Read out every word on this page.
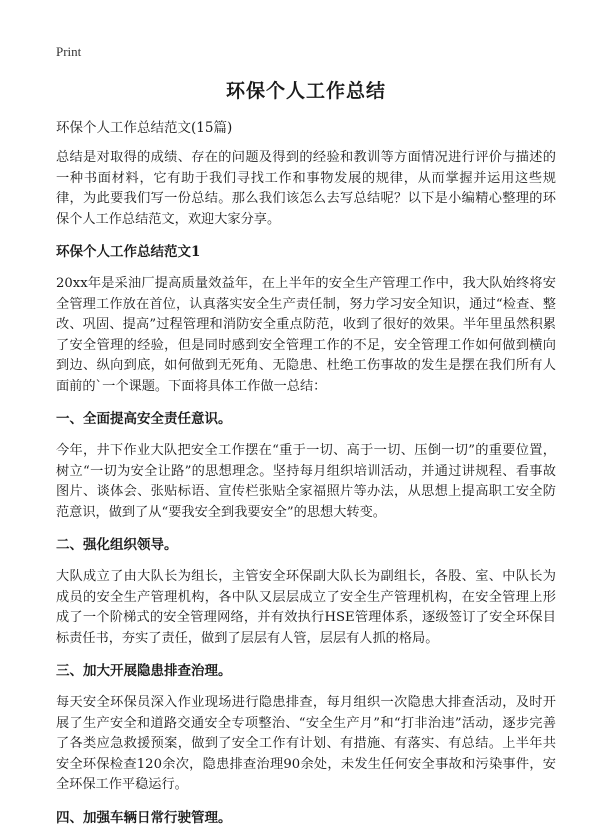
Print
环保个人工作总结
环保个人工作总结范文(15篇)

总结是对取得的成绩、存在的问题及得到的经验和教训等方面情况进行评价与描述的一种书面材料，它有助于我们寻找工作和事物发展的规律，从而掌握并运用这些规律，为此要我们写一份总结。那么我们该怎么去写总结呢？以下是小编精心整理的环保个人工作总结范文，欢迎大家分享。

环保个人工作总结范文1

20xx年是采油厂提高质量效益年，在上半年的安全生产管理工作中，我大队始终将安全管理工作放在首位，认真落实安全生产责任制，努力学习安全知识，通过“检查、整改、巩固、提高”过程管理和消防安全重点防范，收到了很好的效果。半年里虽然积累了安全管理的经验，但是同时感到安全管理工作的不足，安全管理工作如何做到横向到边、纵向到底，如何做到无死角、无隐患、杜绝工伤事故的发生是摆在我们所有人面前的`一个课题。下面将具体工作做一总结：

一、全面提高安全责任意识。

今年，井下作业大队把安全工作摆在“重于一切、高于一切、压倒一切”的重要位置，树立“一切为安全让路”的思想理念。坚持每月组织培训活动，并通过讲规程、看事故图片、谈体会、张贴标语、宣传栏张贴全家福照片等办法，从思想上提高职工安全防范意识，做到了从“要我安全到我要安全”的思想大转变。

二、强化组织领导。

大队成立了由大队长为组长，主管安全环保副大队长为副组长，各股、室、中队长为成员的安全生产管理机构，各中队又层层成立了安全生产管理机构，在安全管理上形成了一个阶梯式的安全管理网络，并有效执行HSE管理体系，逐级签订了安全环保目标责任书，夯实了责任，做到了层层有人管，层层有人抓的格局。

三、加大开展隐患排查治理。

每天安全环保员深入作业现场进行隐患排查，每月组织一次隐患大排查活动，及时开展了生产安全和道路交通安全专项整治、“安全生产月”和“打非治违”活动，逐步完善了各类应急救援预案，做到了安全工作有计划、有措施、有落实、有总结。上半年共安全环保检查120余次，隐患排查治理90余处，未发生任何安全事故和污染事件，安全环保工作平稳运行。

四、加强车辆日常行驶管理。
